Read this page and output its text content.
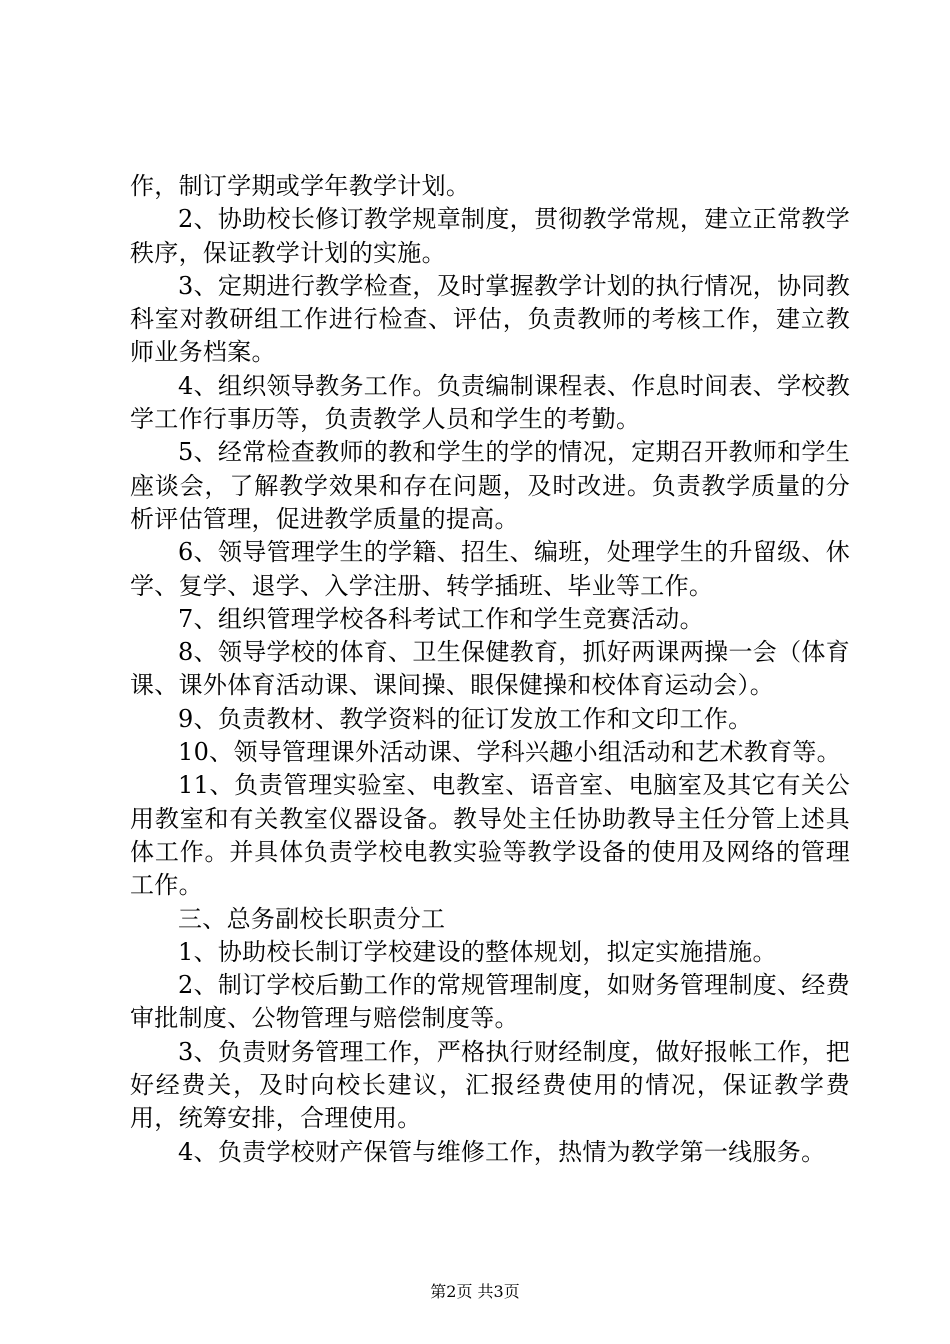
作，制订学期或学年教学计划。

2、协助校长修订教学规章制度，贯彻教学常规，建立正常教学秩序，保证教学计划的实施。

3、定期进行教学检查，及时掌握教学计划的执行情况，协同教科室对教研组工作进行检查、评估，负责教师的考核工作，建立教师业务档案。

4、组织领导教务工作。负责编制课程表、作息时间表、学校教学工作行事历等，负责教学人员和学生的考勤。

5、经常检查教师的教和学生的学的情况，定期召开教师和学生座谈会，了解教学效果和存在问题，及时改进。负责教学质量的分析评估管理，促进教学质量的提高。

6、领导管理学生的学籍、招生、编班，处理学生的升留级、休学、复学、退学、入学注册、转学插班、毕业等工作。

7、组织管理学校各科考试工作和学生竞赛活动。

8、领导学校的体育、卫生保健教育，抓好两课两操一会（体育课、课外体育活动课、课间操、眼保健操和校体育运动会）。

9、负责教材、教学资料的征订发放工作和文印工作。

10、领导管理课外活动课、学科兴趣小组活动和艺术教育等。

11、负责管理实验室、电教室、语音室、电脑室及其它有关公用教室和有关教室仪器设备。教导处主任协助教导主任分管上述具体工作。并具体负责学校电教实验等教学设备的使用及网络的管理工作。

三、总务副校长职责分工

1、协助校长制订学校建设的整体规划，拟定实施措施。

2、制订学校后勤工作的常规管理制度，如财务管理制度、经费审批制度、公物管理与赔偿制度等。

3、负责财务管理工作，严格执行财经制度，做好报帐工作，把好经费关，及时向校长建议，汇报经费使用的情况，保证教学费用，统筹安排，合理使用。

4、负责学校财产保管与维修工作，热情为教学第一线服务。

第2页 共3页
